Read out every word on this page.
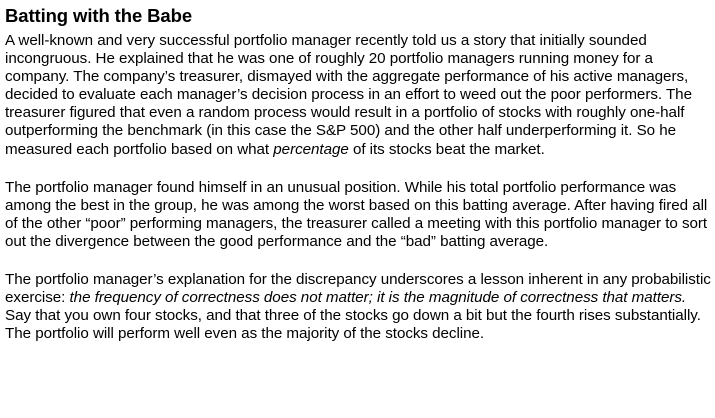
Batting with the Babe

A well-known and very successful portfolio manager recently told us a story that initially sounded incongruous. He explained that he was one of roughly 20 portfolio managers running money for a company. The company’s treasurer, dismayed with the aggregate performance of his active managers, decided to evaluate each manager’s decision process in an effort to weed out the poor performers. The treasurer figured that even a random process would result in a portfolio of stocks with roughly one-half outperforming the benchmark (in this case the S&P 500) and the other half underperforming it. So he measured each portfolio based on what percentage of its stocks beat the market.

The portfolio manager found himself in an unusual position. While his total portfolio performance was among the best in the group, he was among the worst based on this batting average. After having fired all of the other “poor” performing managers, the treasurer called a meeting with this portfolio manager to sort out the divergence between the good performance and the “bad” batting average.

The portfolio manager’s explanation for the discrepancy underscores a lesson inherent in any probabilistic exercise: the frequency of correctness does not matter; it is the magnitude of correctness that matters. Say that you own four stocks, and that three of the stocks go down a bit but the fourth rises substantially. The portfolio will perform well even as the majority of the stocks decline.
